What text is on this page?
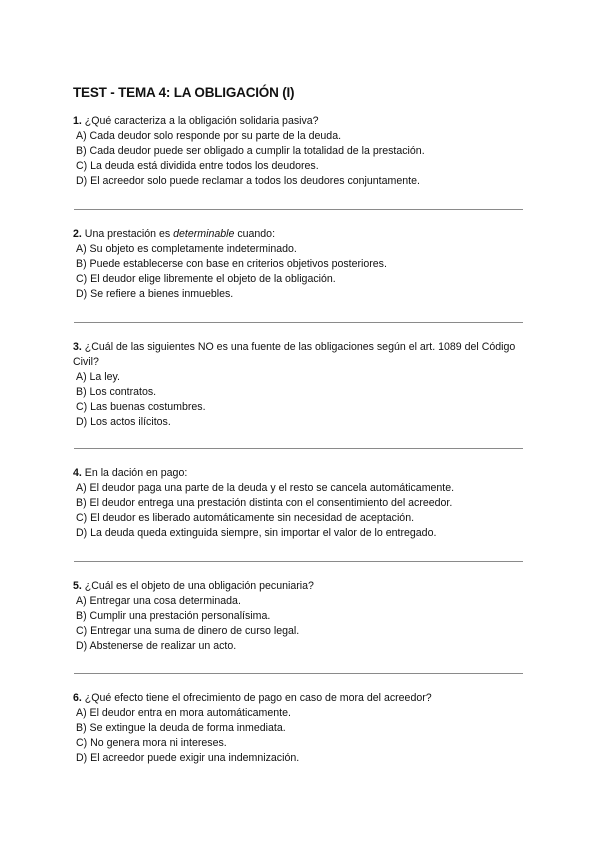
TEST - TEMA 4: LA OBLIGACIÓN (I)

1. ¿Qué caracteriza a la obligación solidaria pasiva?

A) Cada deudor solo responde por su parte de la deuda.
B) Cada deudor puede ser obligado a cumplir la totalidad de la prestación.
C) La deuda está dividida entre todos los deudores.
D) El acreedor solo puede reclamar a todos los deudores conjuntamente.

2. Una prestación es determinable cuando:

A) Su objeto es completamente indeterminado.
B) Puede establecerse con base en criterios objetivos posteriores.
C) El deudor elige libremente el objeto de la obligación.
D) Se refiere a bienes inmuebles.

3. ¿Cuál de las siguientes NO es una fuente de las obligaciones según el art. 1089 del Código Civil?

A) La ley.
B) Los contratos.
C) Las buenas costumbres.
D) Los actos ilícitos.

4. En la dación en pago:

A) El deudor paga una parte de la deuda y el resto se cancela automáticamente.
B) El deudor entrega una prestación distinta con el consentimiento del acreedor.
C) El deudor es liberado automáticamente sin necesidad de aceptación.
D) La deuda queda extinguida siempre, sin importar el valor de lo entregado.

5. ¿Cuál es el objeto de una obligación pecuniaria?

A) Entregar una cosa determinada.
B) Cumplir una prestación personalísima.
C) Entregar una suma de dinero de curso legal.
D) Abstenerse de realizar un acto.

6. ¿Qué efecto tiene el ofrecimiento de pago en caso de mora del acreedor?

A) El deudor entra en mora automáticamente.
B) Se extingue la deuda de forma inmediata.
C) No genera mora ni intereses.
D) El acreedor puede exigir una indemnización.
